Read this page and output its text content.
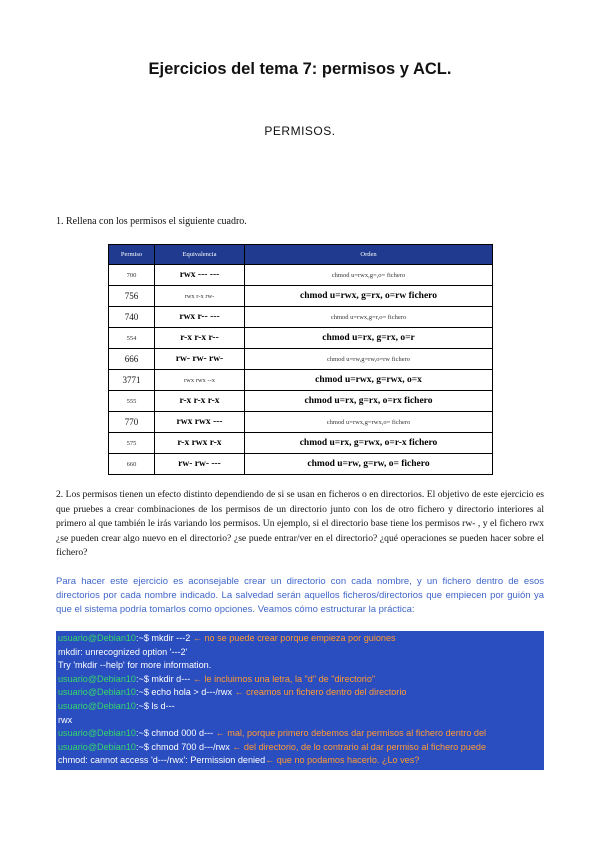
Ejercicios del tema 7: permisos y ACL.
PERMISOS.
1. Rellena con los permisos el siguiente cuadro.
Permiso	Equivalencia	Orden
700	rwx --- ---	chmod u=rwx,g=,o= fichero
756	rwx r-x rw-	chmod u=rwx, g=rx, o=rw fichero
740	rwx r-- ---	chmod u=rwx,g=r,o= fichero
554	r-x r-x r--	chmod u=rx, g=rx, o=r
666	rw- rw- rw-	chmod u=rw,g=rw,o=rw fichero
3771	rwx rwx --x	chmod u=rwx, g=rwx, o=x
555	r-x r-x r-x	chmod u=rx, g=rx, o=rx fichero
770	rwx rwx ---	chmod u=rwx,g=rwx,o= fichero
575	r-x rwx r-x	chmod u=rx, g=rwx, o=r-x fichero
660	rw- rw- ---	chmod u=rw, g=rw, o= fichero
2. Los permisos tienen un efecto distinto dependiendo de si se usan en ficheros o en directorios. El objetivo de este ejercicio es que pruebes a crear combinaciones de los permisos de un directorio junto con los de otro fichero y directorio interiores al primero al que también le irás variando los permisos. Un ejemplo, si el directorio base tiene los permisos rw- , y el fichero rwx ¿se pueden crear algo nuevo en el directorio? ¿se puede entrar/ver en el directorio? ¿qué operaciones se pueden hacer sobre el fichero?
Para hacer este ejercicio es aconsejable crear un directorio con cada nombre, y un fichero dentro de esos directorios por cada nombre indicado. La salvedad serán aquellos ficheros/directorios que empiecen por guión ya que el sistema podría tomarlos como opciones. Veamos cómo estructurar la práctica:
usuario@Debian10:~$ mkdir ---2 ← no se puede crear porque empieza por guiones
mkdir: unrecognized option '---2'
Try 'mkdir --help' for more information.
usuario@Debian10:~$ mkdir d--- ← le incluimos una letra, la "d" de "directorio"
usuario@Debian10:~$ echo hola > d---/rwx ← creamos un fichero dentro del directorio
usuario@Debian10:~$ ls d---
rwx
usuario@Debian10:~$ chmod 000 d--- ← mal, porque primero debemos dar permisos al fichero dentro del
usuario@Debian10:~$ chmod 700 d---/rwx ← del directorio, de lo contrario al dar permiso al fichero puede
chmod: cannot access 'd---/rwx': Permission denied← que no podamos hacerlo. ¿Lo ves?
